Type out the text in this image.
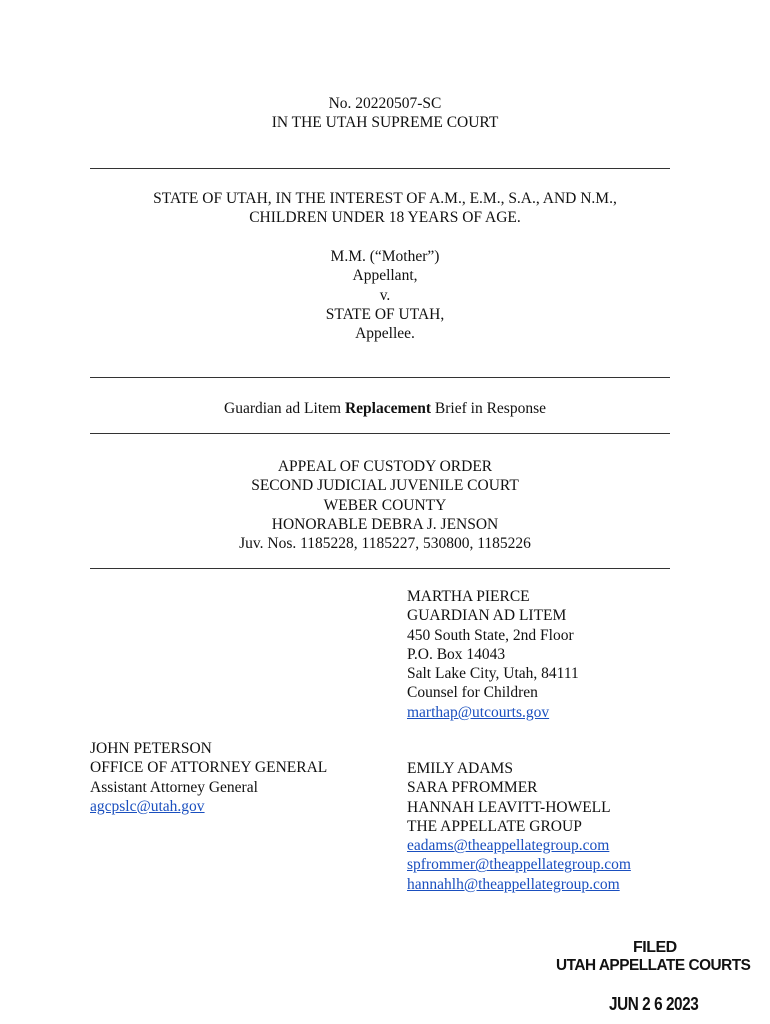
No. 20220507-SC
IN THE UTAH SUPREME COURT
STATE OF UTAH, IN THE INTEREST OF A.M., E.M., S.A., AND N.M.,
CHILDREN UNDER 18 YEARS OF AGE.
M.M. (“Mother”)
Appellant,
v.
STATE OF UTAH,
Appellee.
Guardian ad Litem Replacement Brief in Response
APPEAL OF CUSTODY ORDER
SECOND JUDICIAL JUVENILE COURT
WEBER COUNTY
HONORABLE DEBRA J. JENSON
Juv. Nos. 1185228, 1185227, 530800, 1185226
MARTHA PIERCE
GUARDIAN AD LITEM
450 South State, 2nd Floor
P.O. Box 14043
Salt Lake City, Utah, 84111
Counsel for Children
marthap@utcourts.gov
JOHN PETERSON
OFFICE OF ATTORNEY GENERAL
Assistant Attorney General
agcpslc@utah.gov
EMILY ADAMS
SARA PFROMMER
HANNAH LEAVITT-HOWELL
THE APPELLATE GROUP
eadams@theappellategroup.com
spfrommer@theappellategroup.com
hannahlh@theappellategroup.com
FILED
UTAH APPELLATE COURTS
JUN 2 6 2023
